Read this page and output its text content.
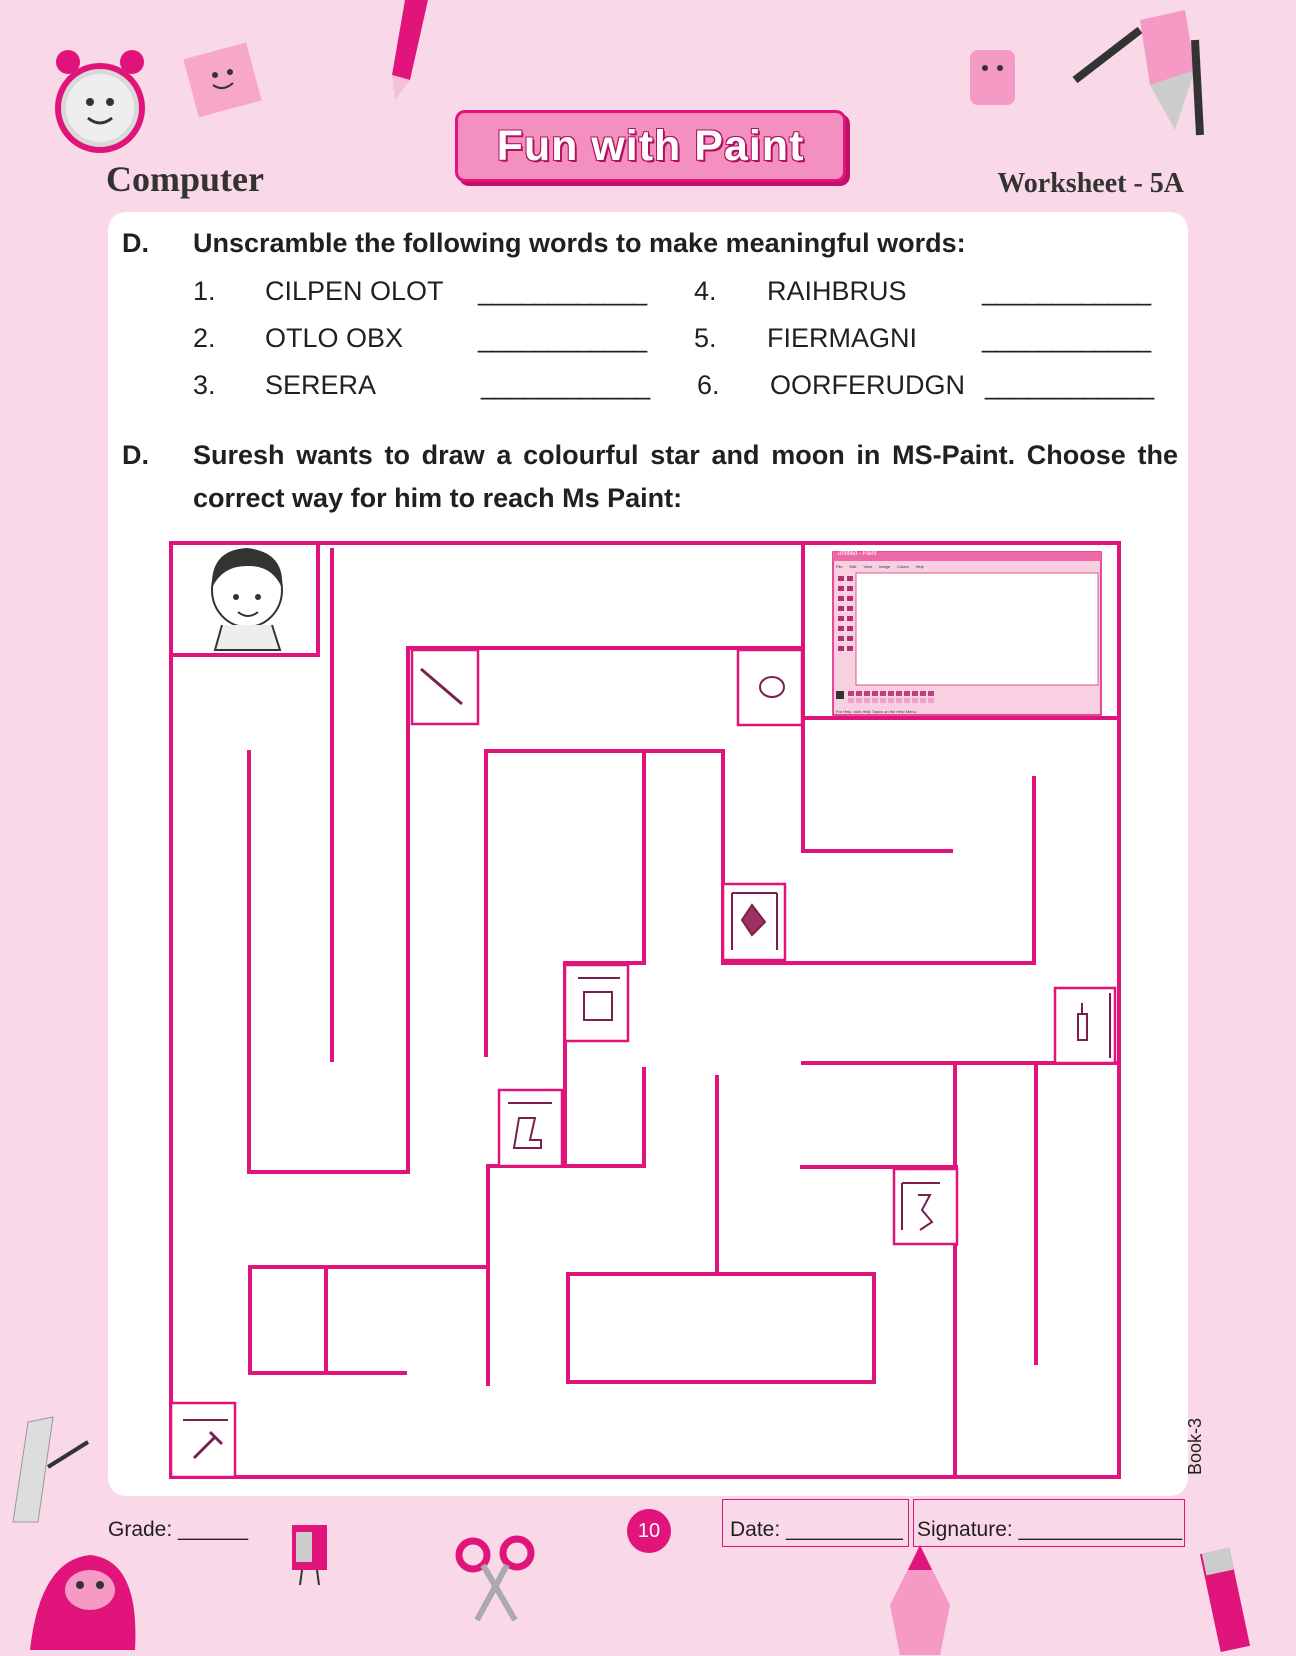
Computer
Fun with Paint
Worksheet - 5A
D. Unscramble the following words to make meaningful words:
1. CILPEN OLOT ____________
2. OTLO OBX	____________
3. SERERA	____________
4. RAIHBRUS	____________
5. FIERMAGNI ____________
6. OORFERUDGN ____________
D. Suresh wants to draw a colourful star and moon in MS-Paint. Choose the
correct way for him to reach Ms Paint:
untitled - Paint
File Edit View Image Colors Help
For Help, click Help Topics on the Help Menu.
Book-3
Grade: ______	10	Date: __________ Signature: ______________
